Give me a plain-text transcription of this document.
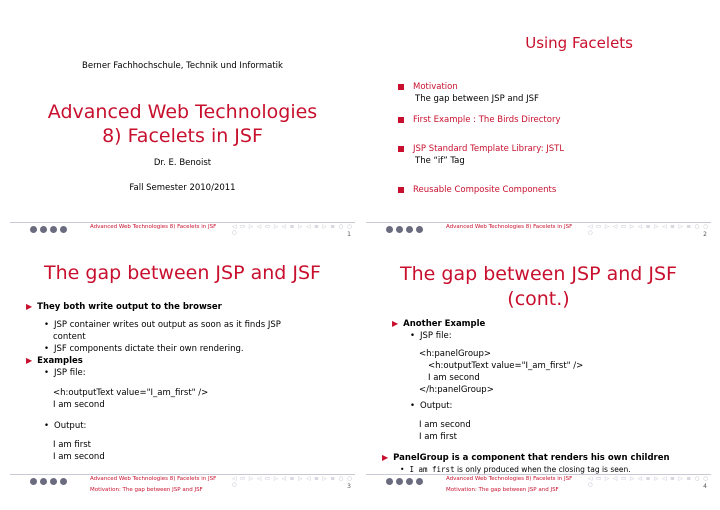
Berner Fachhochschule, Technik und Informatik
Advanced Web Technologies
8) Facelets in JSF
Dr. E. Benoist
Fall Semester 2010/2011
Advanced Web Technologies 8) Facelets in JSF	◁ ▭ ▷ ◁ ▭ ▷ ◁ ≡ ▷ ◁ ≡ ▷ ≡ ○ ○ ○	1
Using Facelets
Motivation
The gap between JSP and JSF
First Example : The Birds Directory
JSP Standard Template Library: JSTL
The “if” Tag
Reusable Composite Components
Advanced Web Technologies 8) Facelets in JSF	◁ ▭ ▷ ◁ ▭ ▷ ◁ ≡ ▷ ◁ ≡ ▷ ≡ ○ ○ ○	2
The gap between JSP and JSF
▶ They both write output to the browser
• JSP container writes out output as soon as it finds JSP
content
• JSF components dictate their own rendering.
▶ Examples
• JSP file:
<h:outputText value="I_am_first" />
I am second
• Output:
I am first
I am second
Advanced Web Technologies 8) Facelets in JSF
Motivation: The gap between JSP and JSF
◁ ▭ ▷ ◁ ▭ ▷ ◁ ≡ ▷ ◁ ≡ ▷ ≡ ○ ○ ○	3
The gap between JSP and JSF
(cont.)
▶ Another Example
• JSP file:
<h:panelGroup>
<h:outputText value="I_am_first" />
I am second
</h:panelGroup>
• Output:
I am second
I am first
▶ PanelGroup is a component that renders his own children
• I am first is only produced when the closing tag is seen.
Advanced Web Technologies 8) Facelets in JSF
Motivation: The gap between JSP and JSF
◁ ▭ ▷ ◁ ▭ ▷ ◁ ≡ ▷ ◁ ≡ ▷ ≡ ○ ○ ○	4
